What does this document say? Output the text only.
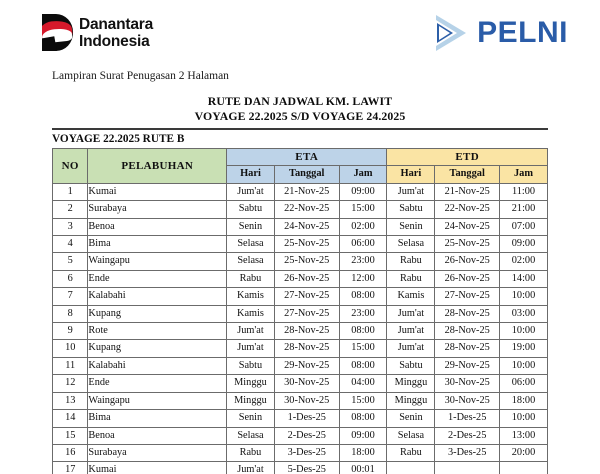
Danantara
Indonesia	PELNI
Lampiran Surat Penugasan 2 Halaman
RUTE DAN JADWAL KM. LAWIT
VOYAGE 22.2025 S/D VOYAGE 24.2025
VOYAGE 22.2025 RUTE B
NO	PELABUHAN	ETA			ETD		
		Hari	Tanggal	Jam	Hari	Tanggal	Jam
1	Kumai	Jum'at	21-Nov-25	09:00	Jum'at	21-Nov-25	11:00
2	Surabaya	Sabtu	22-Nov-25	15:00	Sabtu	22-Nov-25	21:00
3	Benoa	Senin	24-Nov-25	02:00	Senin	24-Nov-25	07:00
4	Bima	Selasa	25-Nov-25	06:00	Selasa	25-Nov-25	09:00
5	Waingapu	Selasa	25-Nov-25	23:00	Rabu	26-Nov-25	02:00
6	Ende	Rabu	26-Nov-25	12:00	Rabu	26-Nov-25	14:00
7	Kalabahi	Kamis	27-Nov-25	08:00	Kamis	27-Nov-25	10:00
8	Kupang	Kamis	27-Nov-25	23:00	Jum'at	28-Nov-25	03:00
9	Rote	Jum'at	28-Nov-25	08:00	Jum'at	28-Nov-25	10:00
10	Kupang	Jum'at	28-Nov-25	15:00	Jum'at	28-Nov-25	19:00
11	Kalabahi	Sabtu	29-Nov-25	08:00	Sabtu	29-Nov-25	10:00
12	Ende	Minggu	30-Nov-25	04:00	Minggu	30-Nov-25	06:00
13	Waingapu	Minggu	30-Nov-25	15:00	Minggu	30-Nov-25	18:00
14	Bima	Senin	1-Des-25	08:00	Senin	1-Des-25	10:00
15	Benoa	Selasa	2-Des-25	09:00	Selasa	2-Des-25	13:00
16	Surabaya	Rabu	3-Des-25	18:00	Rabu	3-Des-25	20:00
17	Kumai	Jum'at	5-Des-25	00:01			
